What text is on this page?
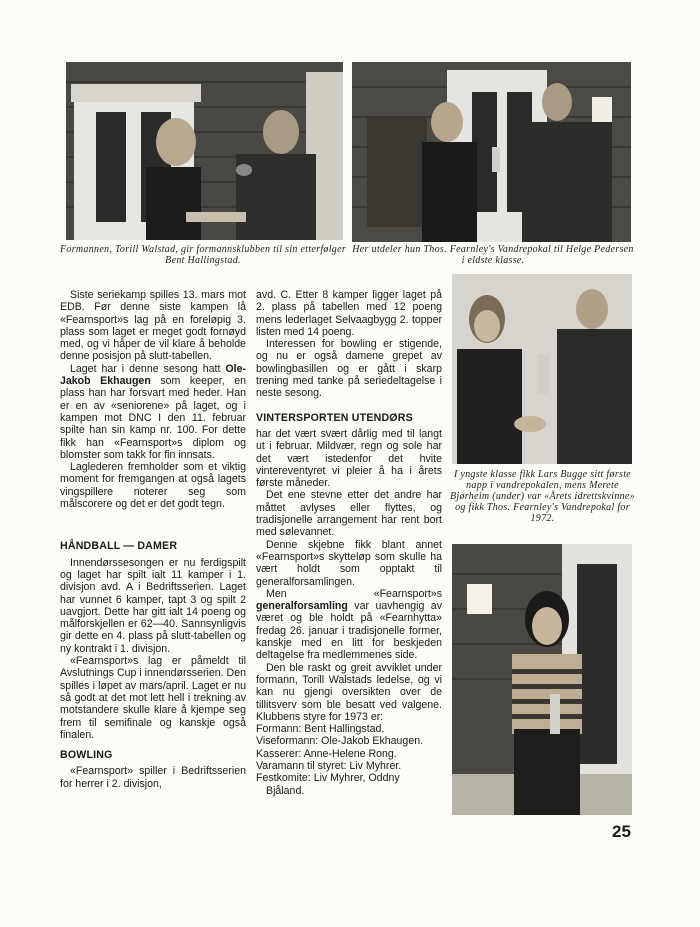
Formannen, Torill Walstad, gir formannsklubben til sin etterfølger Bent Hallingstad.
Her utdeler hun Thos. Fearnley's Vandrepokal til Helge Pedersen i eldste klasse.
I yngste klasse fikk Lars Bugge sitt første napp i vandrepokalen, mens Merete Bjørheim (under) var «Årets idrettskvinne» og fikk Thos. Fearnley's Vandrepokal for 1972.

Siste seriekamp spilles 13. mars mot EDB. Før denne siste kampen lå «Fearnsport»s lag på en foreløpig 3. plass som laget er meget godt fornøyd med, og vi håper de vil klare å beholde denne posisjon på slutt-tabellen.

Laget har i denne sesong hatt Ole-Jakob Ekhaugen som keeper, en plass han har forsvart med heder. Han er en av «seniorene» på laget, og i kampen mot DNC I den 11. februar spilte han sin kamp nr. 100. For dette fikk han «Fearnsport»s diplom og blomster som takk for fin innsats.

Laglederen fremholder som et viktig moment for fremgangen at også lagets vingspillere noterer seg som målscorere og det er det godt tegn.

HÅNDBALL — DAMER

Innendørssesongen er nu ferdigspilt og laget har spilt ialt 11 kamper i 1. divisjon avd. A i Bedriftsserien. Laget har vunnet 6 kamper, tapt 3 og spilt 2 uavgjort. Dette har gitt ialt 14 poeng og målforskjellen er 62—40. Sannsynligvis gir dette en 4. plass på slutt-tabellen og ny kontrakt i 1. divisjon.

«Fearnsport»s lag er påmeldt til Avslutnings Cup i innendørsserien. Den spilles i løpet av mars/april. Laget er nu så godt at det mot lett hell i trekning av motstandere skulle klare å kjempe seg frem til semifinale og kanskje også finalen.

BOWLING

«Fearnsport» spiller i Bedriftsserien for herrer i 2. divisjon,

avd. C. Etter 8 kamper ligger laget på 2. plass på tabellen med 12 poeng mens lederlaget Selvaagbygg 2. topper listen med 14 poeng.

Interessen for bowling er stigende, og nu er også damene grepet av bowlingbasillen og er gått i skarp trening med tanke på seriedeltagelse i neste sesong.

VINTERSPORTEN UTENDØRS

har det vært svært dårlig med til langt ut i februar. Mildvær, regn og sole har det vært istedenfor det hvite vintereventyret vi pleier å ha i årets første måneder.

Det ene stevne etter det andre har måttet avlyses eller flyttes, og tradisjonelle arrangement har rent bort med sølevannet.

Denne skjebne fikk blant annet «Fearnsport»s skytteløp som skulle ha vært holdt som opptakt til generalforsamlingen.

Men «Fearnsport»s generalforsamling var uavhengig av været og ble holdt på «Fearnhytta» fredag 26. januar i tradisjonelle former, kanskje med en litt for beskjeden deltagelse fra medlemmenes side.

Den ble raskt og greit avviklet under formann, Torill Walstads ledelse, og vi kan nu gjengi oversikten over de tillitsverv som ble besatt ved valgene. Klubbens styre for 1973 er:

Formann: Bent Hallingstad.
Viseformann: Ole-Jakob Ekhaugen.
Kasserer: Anne-Helene Rong.
Varamann til styret: Liv Myhrer.
Festkomite: Liv Myhrer, Oddny
Bjåland.
25
